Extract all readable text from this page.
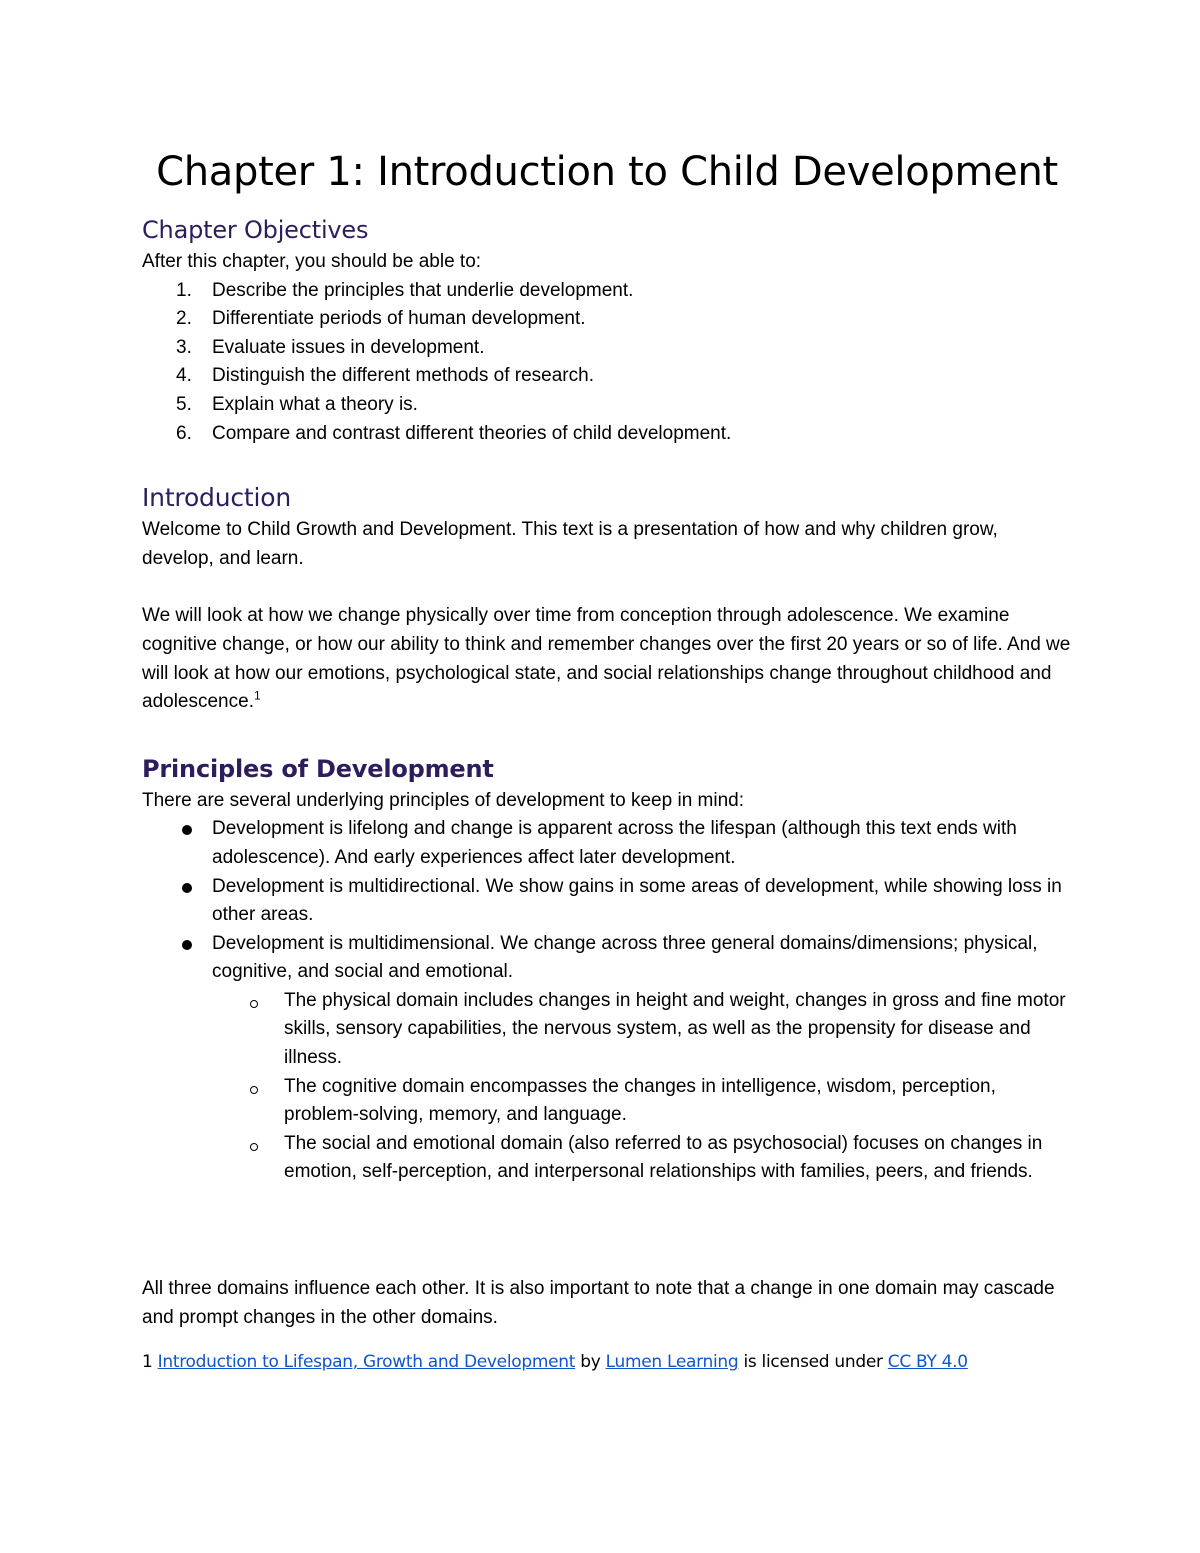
Chapter 1: Introduction to Child Development
Chapter Objectives

After this chapter, you should be able to:

1. Describe the principles that underlie development.
2. Differentiate periods of human development.
3. Evaluate issues in development.
4. Distinguish the different methods of research.
5. Explain what a theory is.
6. Compare and contrast different theories of child development.
Introduction

Welcome to Child Growth and Development. This text is a presentation of how and why children grow, develop, and learn.

We will look at how we change physically over time from conception through adolescence. We examine cognitive change, or how our ability to think and remember changes over the first 20 years or so of life. And we will look at how our emotions, psychological state, and social relationships change throughout childhood and adolescence.$^1$

Principles of Development

There are several underlying principles of development to keep in mind:

Development is lifelong and change is apparent across the lifespan (although this text ends with adolescence). And early experiences affect later development.
Development is multidirectional. We show gains in some areas of development, while showing loss in other areas.
Development is multidimensional. We change across three general domains/dimensions; physical, cognitive, and social and emotional.
The physical domain includes changes in height and weight, changes in gross and fine motor skills, sensory capabilities, the nervous system, as well as the propensity for disease and illness.
The cognitive domain encompasses the changes in intelligence, wisdom, perception, problem-solving, memory, and language.
The social and emotional domain (also referred to as psychosocial) focuses on changes in emotion, self-perception, and interpersonal relationships with families, peers, and friends.

All three domains influence each other. It is also important to note that a change in one domain may cascade and prompt changes in the other domains.

1 Introduction to Lifespan, Growth and Development by Lumen Learning is licensed under CC BY 4.0
